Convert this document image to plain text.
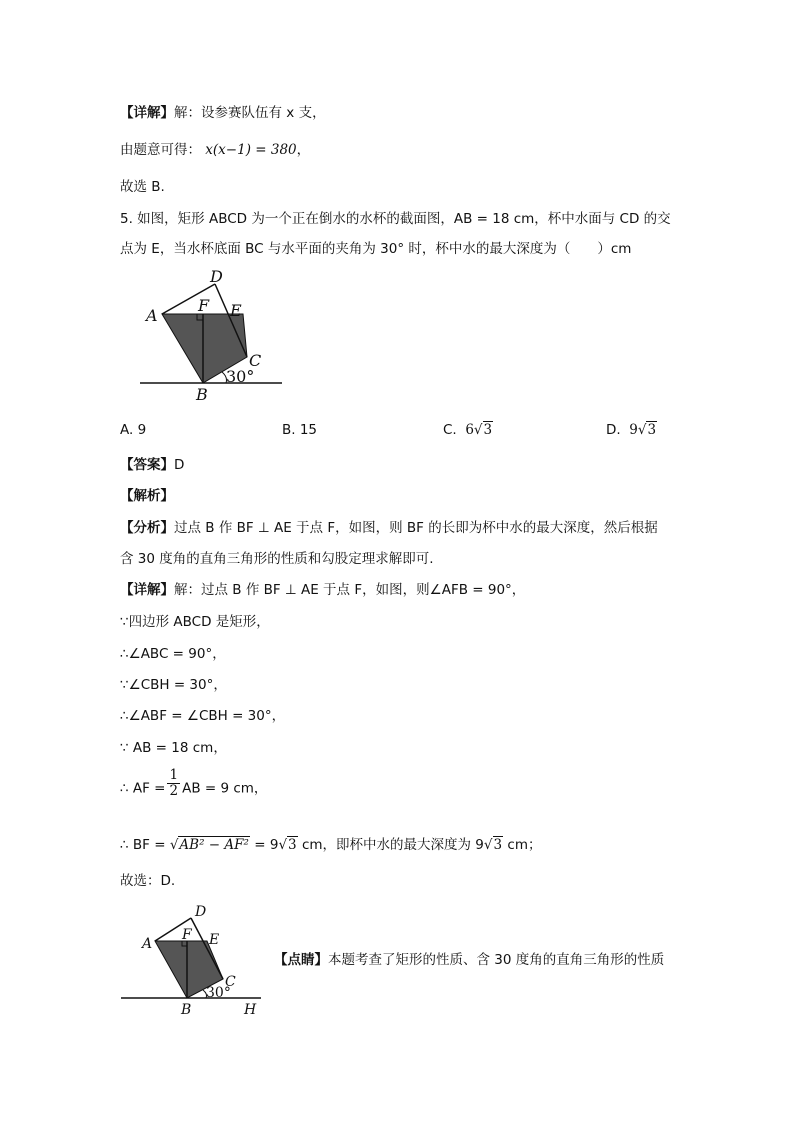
【详解】解：设参赛队伍有 x 支，
由题意可得： x(x−1) = 380，
故选 B.
5. 如图，矩形 ABCD 为一个正在倒水的水杯的截面图，AB = 18 cm，杯中水面与 CD 的交
点为 E，当水杯底面 BC 与水平面的夹角为 30° 时，杯中水的最大深度为（　　）cm
D
F
A	E
C
30°
B
A. 9	B. 15	C. 6√3	D. 9√3
【答案】D
【解析】
【分析】过点 B 作 BF ⊥ AE 于点 F，如图，则 BF 的长即为杯中水的最大深度，然后根据
含 30 度角的直角三角形的性质和勾股定理求解即可.
【详解】解：过点 B 作 BF ⊥ AE 于点 F，如图，则∠AFB = 90°，
∵四边形 ABCD 是矩形，
∴∠ABC = 90°，
∵∠CBH = 30°，
∴∠ABF = ∠CBH = 30°，
∵ AB = 18 cm，
∴ AF = $\frac{1}{2}$ AB = 9 cm，
∴ BF = √AB² − AF² = 9√3 cm，即杯中水的最大深度为 9√3 cm；
故选：D.
D
F
A	E
C
30°
B	H
【点睛】本题考查了矩形的性质、含 30 度角的直角三角形的性质
